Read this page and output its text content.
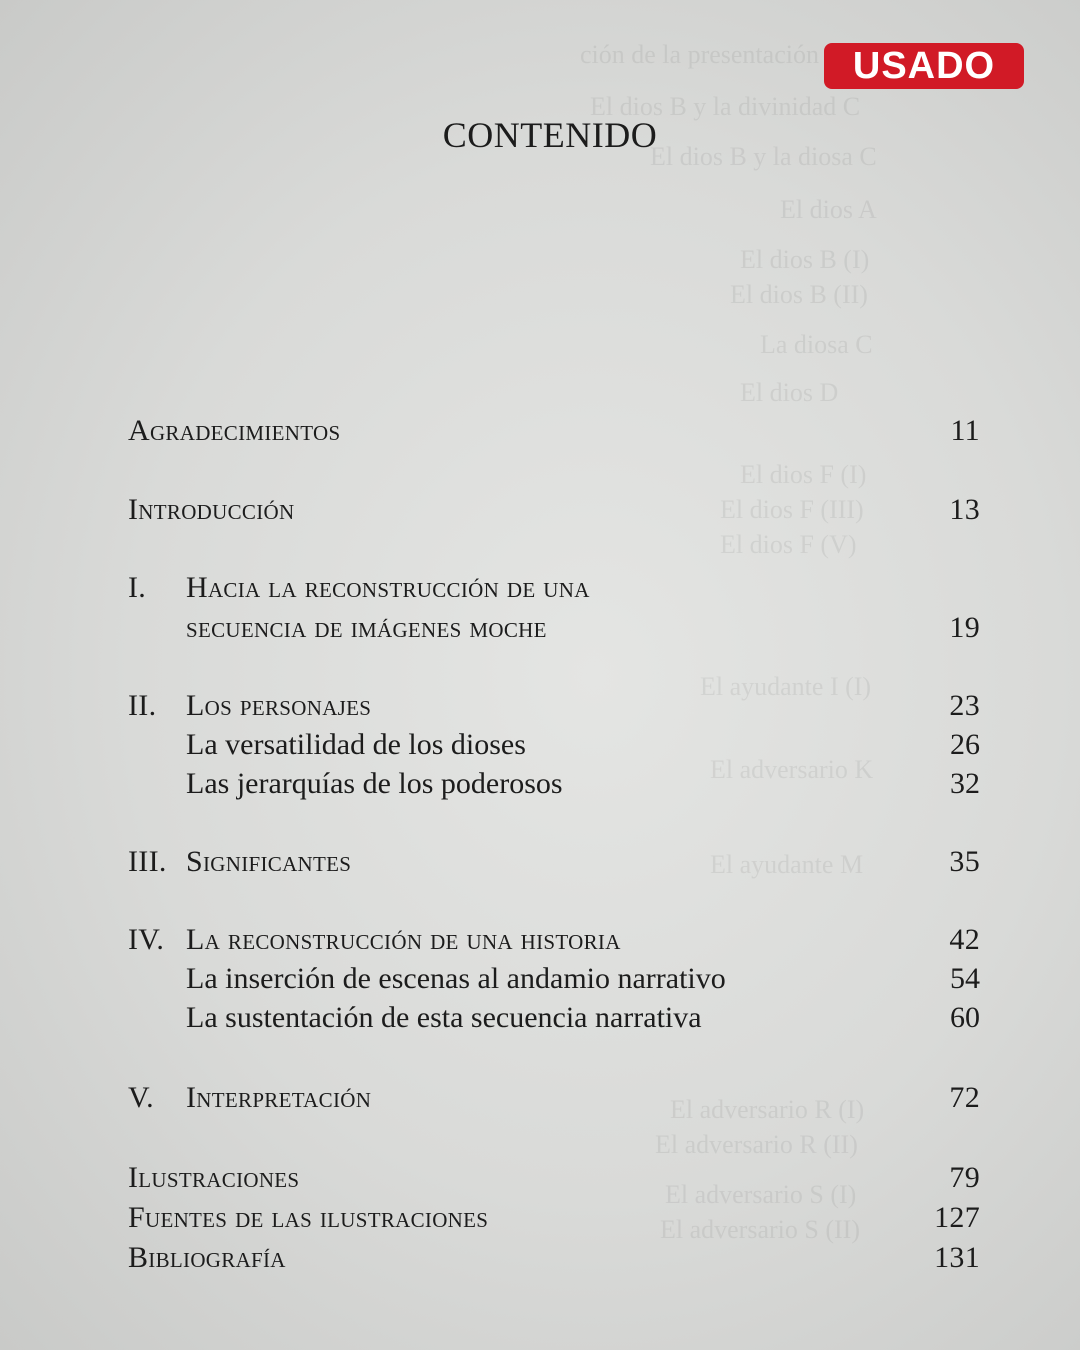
ción de la presentación
El dios B y la divinidad C
El dios B y la diosa C
El dios A
El dios B (I)
El dios B (II)
La diosa C
El dios D
El dios F (I)
El dios F (III)
El dios F (V)
El ayudante I (I)
El adversario K
El ayudante M
El adversario R (I)
El adversario R (II)
El adversario S (I)
El adversario S (II)
USADO
CONTENIDO
Agradecimientos	11
Introducción	13
I. Hacia la reconstrucción de una
secuencia de imágenes moche	19
II. Los personajes	23
La versatilidad de los dioses	26
Las jerarquías de los poderosos	32
III. Significantes	35
IV. La reconstrucción de una historia	42
La inserción de escenas al andamio narrativo	54
La sustentación de esta secuencia narrativa	60
V. Interpretación	72
Ilustraciones	79
Fuentes de las ilustraciones	127
Bibliografía	131
